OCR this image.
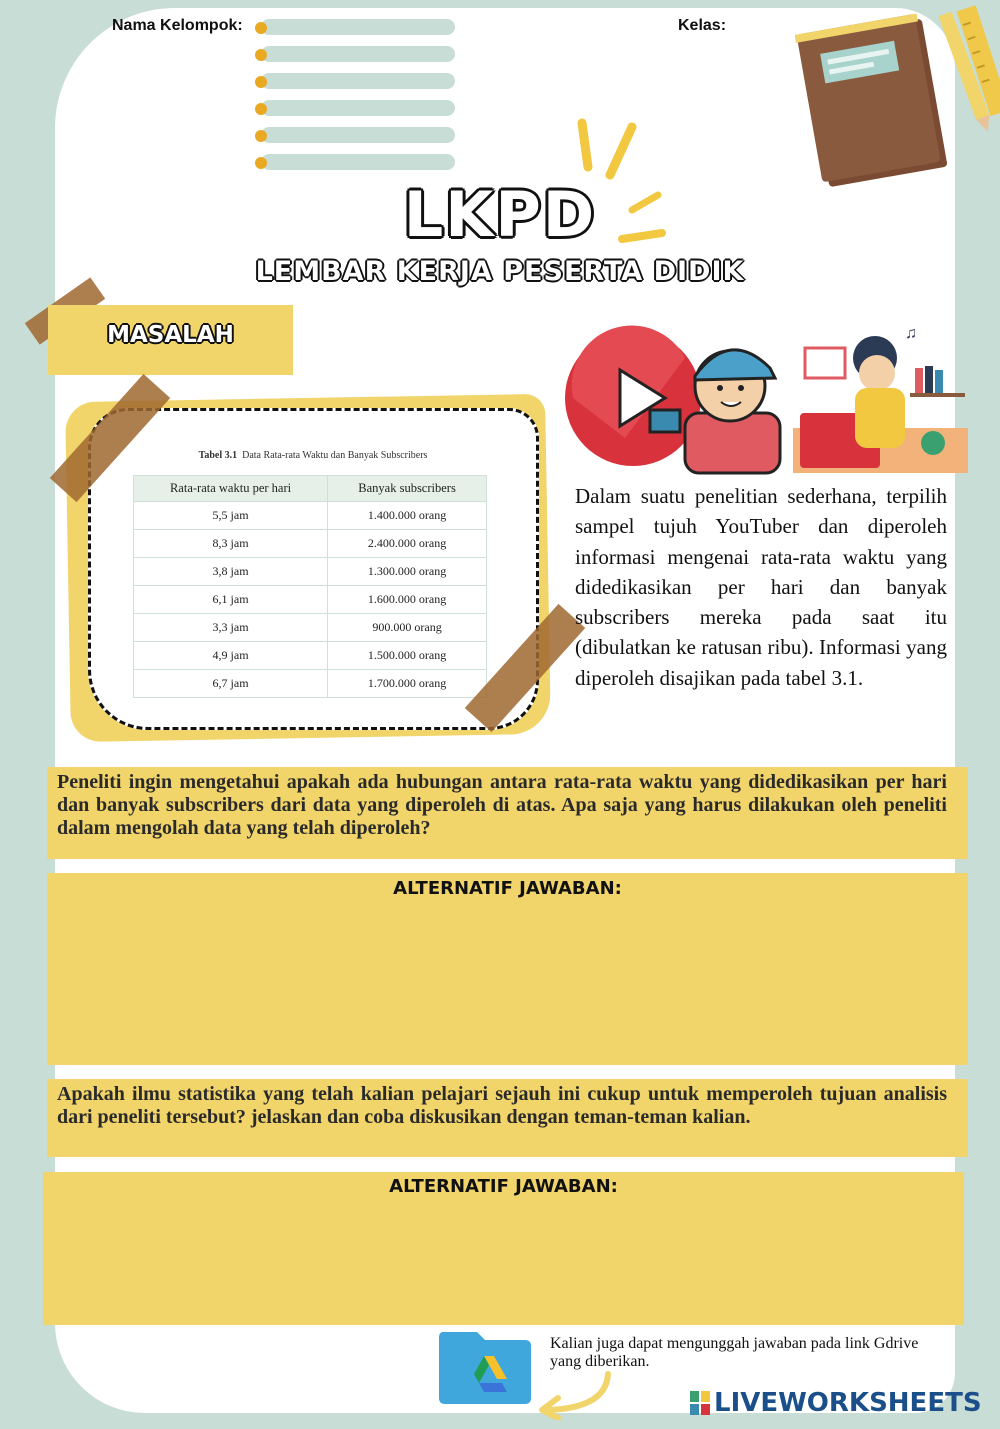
Nama Kelompok:	Kelas:
LKPD
LEMBAR KERJA PESERTA DIDIK
MASALAH
Tabel 3.1 Data Rata-rata Waktu dan Banyak Subscribers
Rata-rata waktu per hari	Banyak subscribers
5,5 jam	1.400.000 orang
8,3 jam	2.400.000 orang
3,8 jam	1.300.000 orang
6,1 jam	1.600.000 orang
3,3 jam	900.000 orang
4,9 jam	1.500.000 orang
6,7 jam	1.700.000 orang
♪
♫
Dalam suatu penelitian sederhana, terpilih sampel tujuh YouTuber dan diperoleh informasi mengenai rata-rata waktu yang didedikasikan per hari dan banyak subscribers mereka pada saat itu (dibulatkan ke ratusan ribu). Informasi yang diperoleh disajikan pada tabel 3.1.
Peneliti ingin mengetahui apakah ada hubungan antara rata-rata waktu yang didedikasikan per hari dan banyak subscribers dari data yang diperoleh di atas. Apa saja yang harus dilakukan oleh peneliti dalam mengolah data yang telah diperoleh?
ALTERNATIF JAWABAN:
Apakah ilmu statistika yang telah kalian pelajari sejauh ini cukup untuk memperoleh tujuan analisis dari peneliti tersebut? jelaskan dan coba diskusikan dengan teman-teman kalian.
ALTERNATIF JAWABAN:
Kalian juga dapat mengunggah jawaban pada link Gdrive yang diberikan.
LIVEWORKSHEETS
